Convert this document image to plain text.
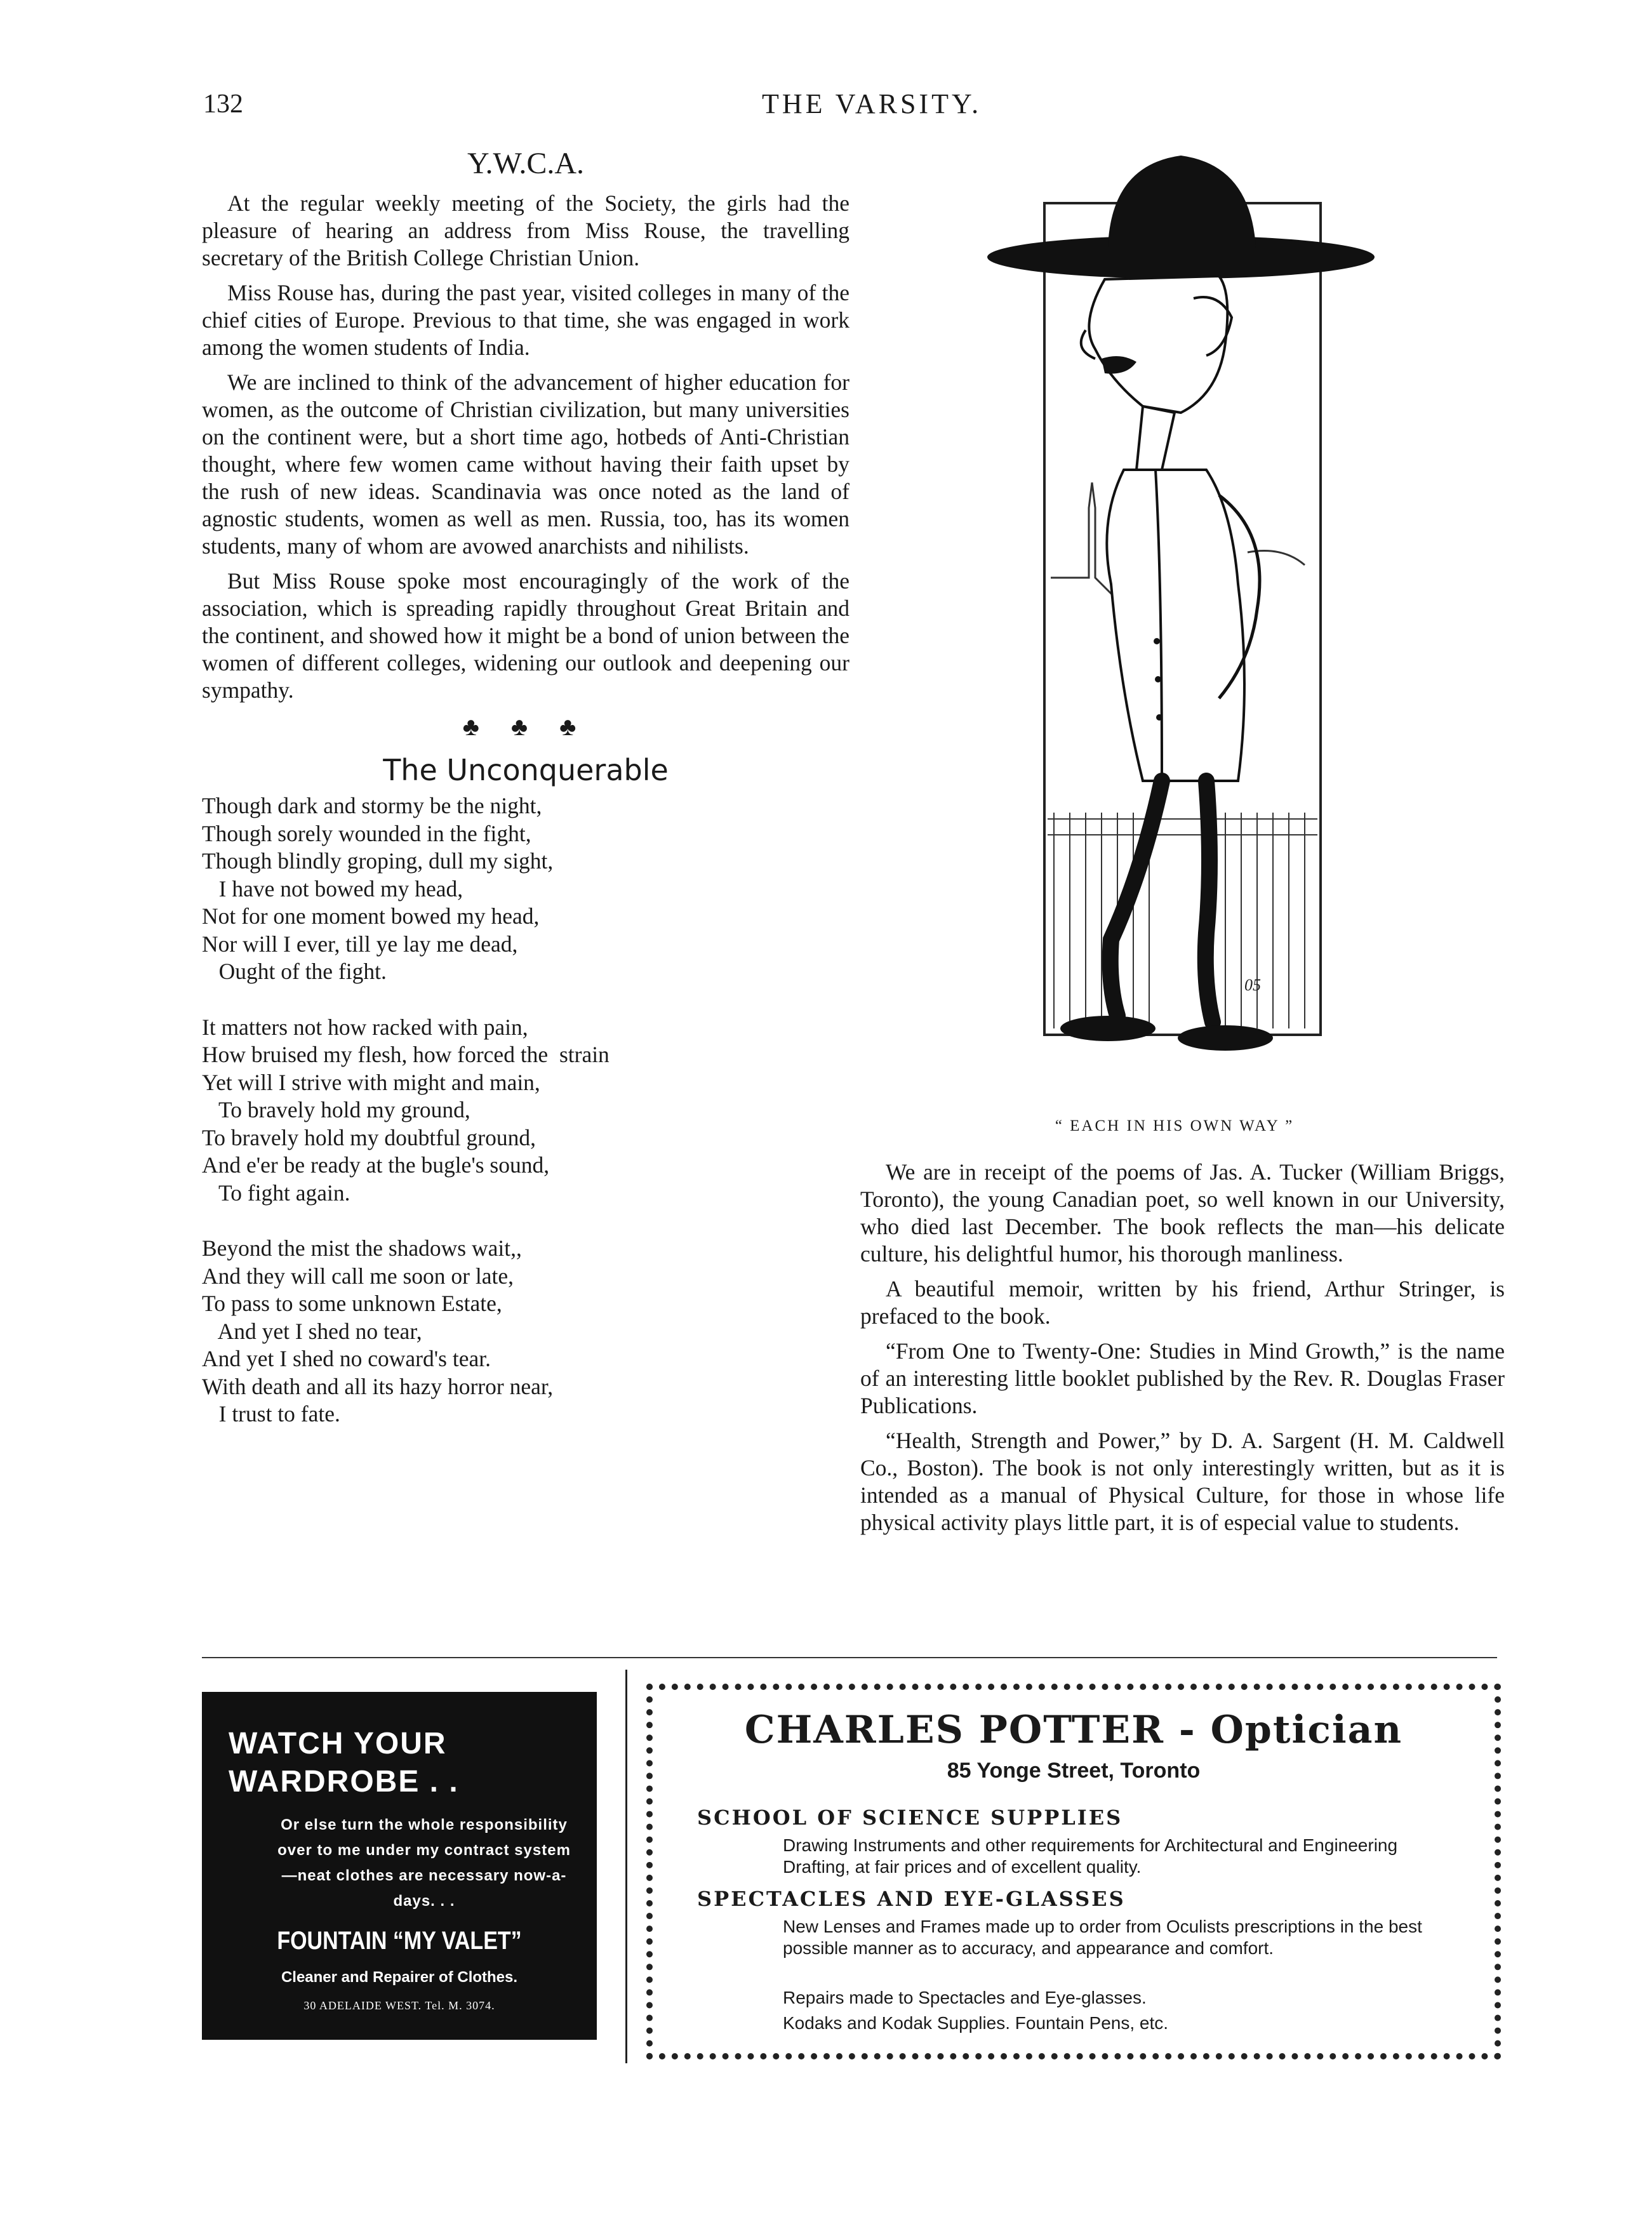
132	THE VARSITY.
Y.W.C.A.

At the regular weekly meeting of the Society, the girls had the pleasure of hearing an address from Miss Rouse, the travelling secretary of the British College Christian Union.

Miss Rouse has, during the past year, visited colleges in many of the chief cities of Europe. Previous to that time, she was engaged in work among the women students of India.

We are inclined to think of the advancement of higher education for women, as the outcome of Christian civilization, but many universities on the continent were, but a short time ago, hotbeds of Anti-Christian thought, where few women came without having their faith upset by the rush of new ideas. Scandinavia was once noted as the land of agnostic students, women as well as men. Russia, too, has its women students, many of whom are avowed anarchists and nihilists.

But Miss Rouse spoke most encouragingly of the work of the association, which is spreading rapidly throughout Great Britain and the continent, and showed how it might be a bond of union between the women of different colleges, widening our outlook and deepening our sympathy.

♣ ♣ ♣
The Unconquerable
Though dark and stormy be the night,
Though sorely wounded in the fight,
Though blindly groping, dull my sight,
I have not bowed my head,
Not for one moment bowed my head,
Nor will I ever, till ye lay me dead,
Ought of the fight.
It matters not how racked with pain,
How bruised my flesh, how forced the  strain
Yet will I strive with might and main,
To bravely hold my ground,
To bravely hold my doubtful ground,
And e'er be ready at the bugle's sound,
To fight again.
Beyond the mist the shadows wait,,
And they will call me soon or late,
To pass to some unknown Estate,
And yet I shed no tear,
And yet I shed no coward's tear.
With death and all its hazy horror near,
I trust to fate.
05
“ EACH IN HIS OWN WAY ”

We are in receipt of the poems of Jas. A. Tucker (William Briggs, Toronto), the young Canadian poet, so well known in our University, who died last December. The book reflects the man—his delicate culture, his delightful humor, his thorough manliness.

A beautiful memoir, written by his friend, Arthur Stringer, is prefaced to the book.

“From One to Twenty-One: Studies in Mind Growth,” is the name of an interesting little booklet published by the Rev. R. Douglas Fraser Publications.

“Health, Strength and Power,” by D. A. Sargent (H. M. Caldwell Co., Boston). The book is not only interestingly written, but as it is intended as a manual of Physical Culture, for those in whose life physical activity plays little part, it is of especial value to students.

WATCH YOUR
WARDROBE . .
Or else turn the whole responsibility over to me under my contract system—neat clothes are necessary now-a-days. . .
FOUNTAIN “MY VALET”
Cleaner and Repairer of Clothes.
30 ADELAIDE WEST. Tel. M. 3074.
CHARLES POTTER - Optician
85 Yonge Street, Toronto
SCHOOL OF SCIENCE SUPPLIES
Drawing Instruments and other requirements for Architectural and Engineering Drafting, at fair prices and of excellent quality.
SPECTACLES AND EYE-GLASSES
New Lenses and Frames made up to order from Oculists prescriptions in the best possible manner as to accuracy, and appearance and comfort.
Repairs made to Spectacles and Eye-glasses.
Kodaks and Kodak Supplies. Fountain Pens, etc.
